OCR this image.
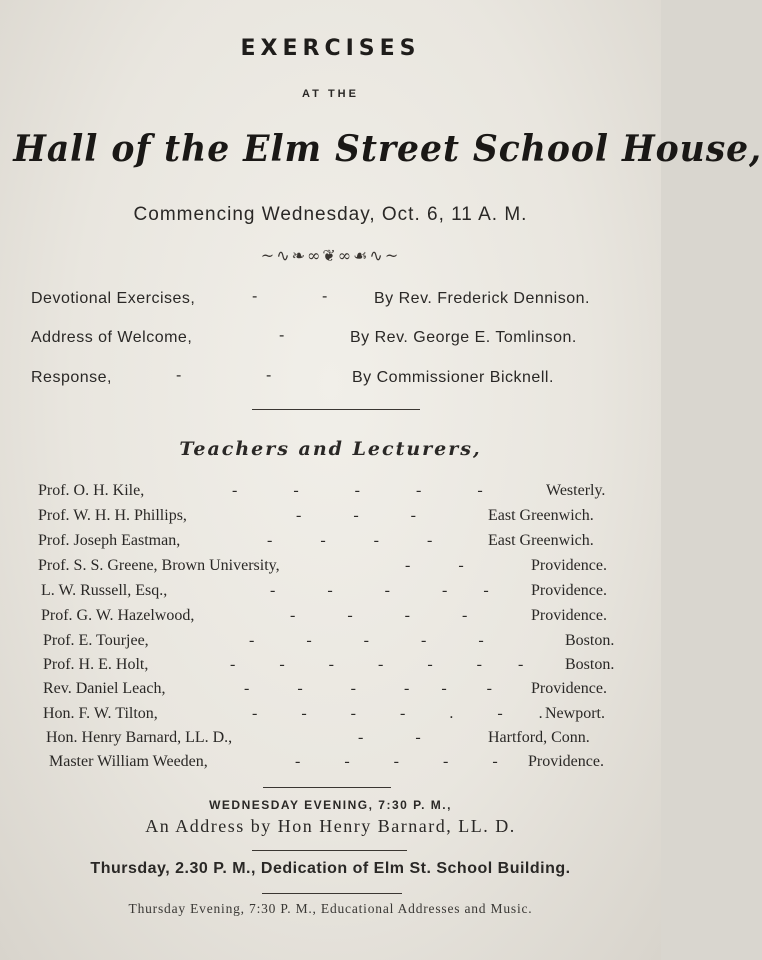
EXERCISES
AT THE
Hall of the Elm Street School House,
Commencing Wednesday, Oct. 6, 11 A. M.
~∿❧∞❦∞☙∿~
Devotional Exercises,	-	-	By Rev. Frederick Dennison.
Address of Welcome,	-	By Rev. George E. Tomlinson.
Response,	-	-	By Commissioner Bicknell.
Teachers and Lecturers,
Prof. O. H. Kile,	-              -              -              -              -	Westerly.
Prof. W. H. H. Phillips,	-             -             -	East Greenwich.
Prof. Joseph Eastman,	-            -            -            -	East Greenwich.
Prof. S. S. Greene, Brown University,	-            -	Providence.
L. W. Russell, Esq.,	-             -             -             -         -	Providence.
Prof. G. W. Hazelwood,	-             -             -             -	Providence.
Prof. E. Tourjee,	-             -             -             -             -	Boston.
Prof. H. E. Holt,	-           -           -           -           -           -         -	Boston.
Rev. Daniel Leach,	-            -            -            -        -          - Providence.
Hon. F. W. Tilton,	-           -           -           -           .           -         . Newport.
Hon. Henry Barnard, LL. D.,	-             -	Hartford, Conn.
Master William Weeden,	-           -           -           -           - Providence.
WEDNESDAY EVENING, 7:30 P. M.,
An Address by Hon Henry Barnard, LL. D.
Thursday, 2.30 P. M., Dedication of Elm St. School Building.
Thursday Evening, 7:30 P. M., Educational Addresses and Music.
